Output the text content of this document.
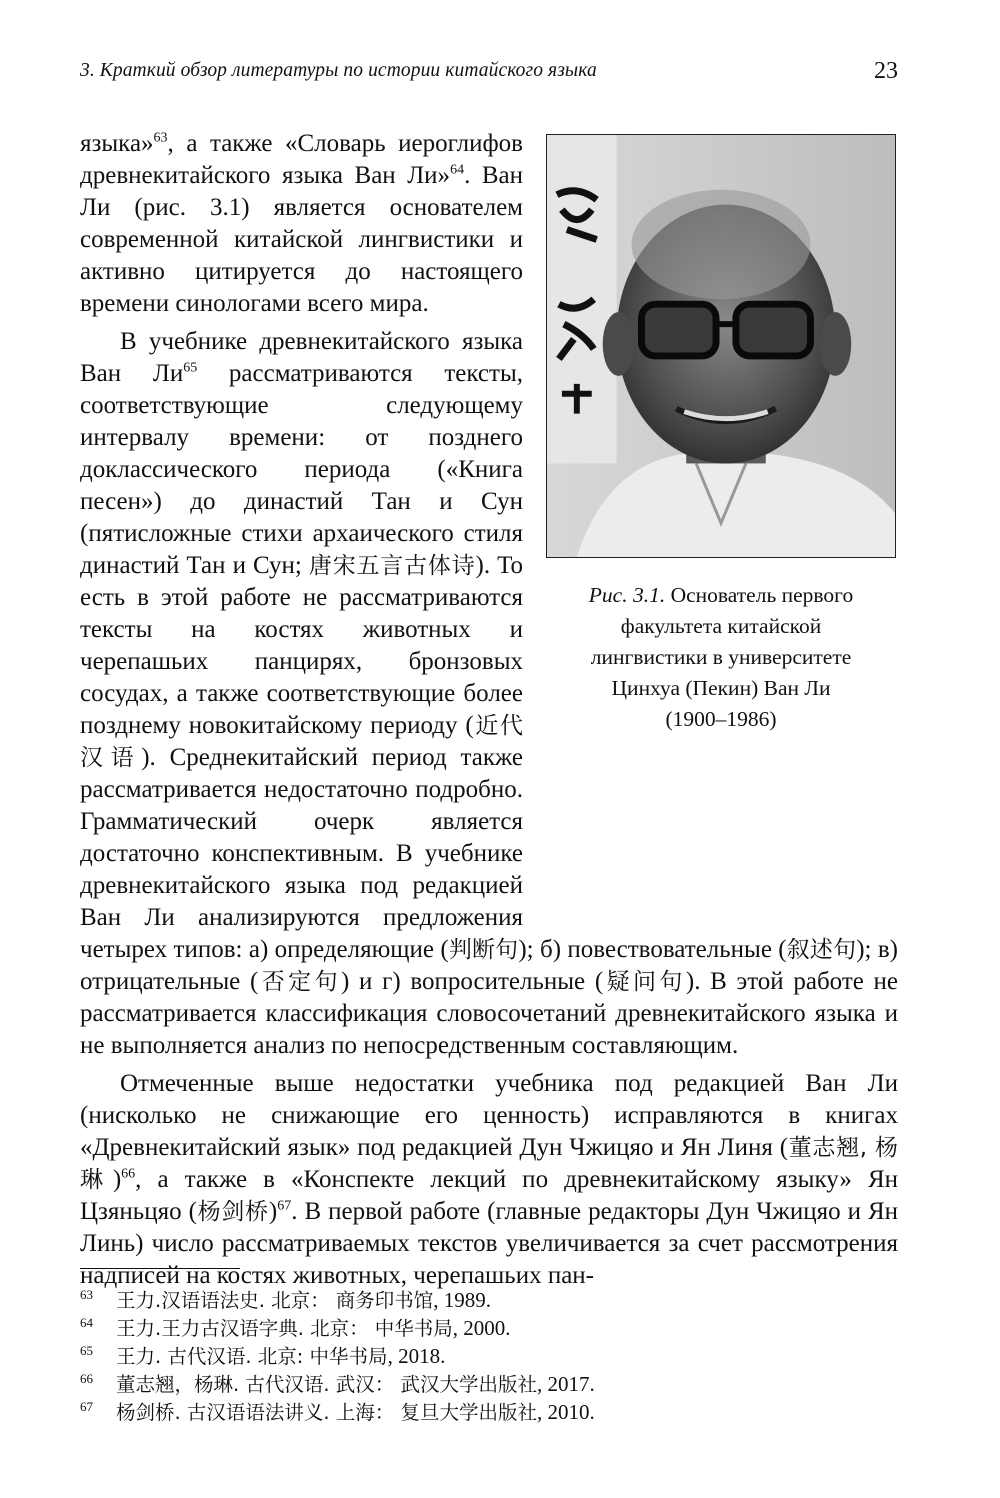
3. Краткий обзор литературы по истории китайского языка	23
Рис. 3.1. Основатель первого
факультета китайской
лингвистики в университете
Цинхуа (Пекин) Ван Ли
(1900–1986)

языка»$^{63}$, а также «Словарь иероглифов древнекитайского языка Ван Ли»$^{64}$. Ван Ли (рис. 3.1) является основателем современной китайской лингвистики и активно цитируется до настоящего времени синологами всего мира.

В учебнике древнекитайского языка Ван $Ли^{65}$ рассматриваются тексты, соответствующие следующему интервалу времени: от позднего доклассического периода («Книга песен») до династий Тан и Сун (пятисложные стихи архаического стиля династий Тан и Сун; 唐宋五言古体诗). То есть в этой работе не рассматриваются тексты на костях животных и черепашьих панцирях, бронзовых сосудах, а также соответствующие более позднему новокитайскому периоду (近代汉语). Среднекитайский период также рассматривается недостаточно подробно. Грамматический очерк является достаточно конспективным. В учебнике древнекитайского языка под редакцией Ван Ли анализируются предложения четырех типов: а) определяющие (判断句); б) повествовательные (叙述句); в) отрицательные (否定句) и г) вопросительные (疑问句). В этой работе не рассматривается классификация словосочетаний древнекитайского языка и не выполняется анализ по непосредственным составляющим.

Отмеченные выше недостатки учебника под редакцией Ван Ли (нисколько не снижающие его ценность) исправляются в книгах «Древнекитайский язык» под редакцией Дун Чжицяо и Ян Линя (董志翘, 杨琳)$^{66}$, а также в «Конспекте лекций по древнекитайскому языку» Ян Цзяньцяо (杨剑桥)$^{67}$. В первой работе (главные редакторы Дун Чжицяо и Ян Линь) число рассматриваемых текстов увеличивается за счет рассмотрения надписей на костях животных, черепашьих пан-

63	王力.汉语语法史. 北京： 商务印书馆, 1989.
64	王力.王力古汉语字典. 北京： 中华书局, 2000.
65	王力. 古代汉语. 北京: 中华书局, 2018.
66	董志翘，杨琳. 古代汉语. 武汉： 武汉大学出版社, 2017.
67	杨剑桥. 古汉语语法讲义. 上海： 复旦大学出版社, 2010.
